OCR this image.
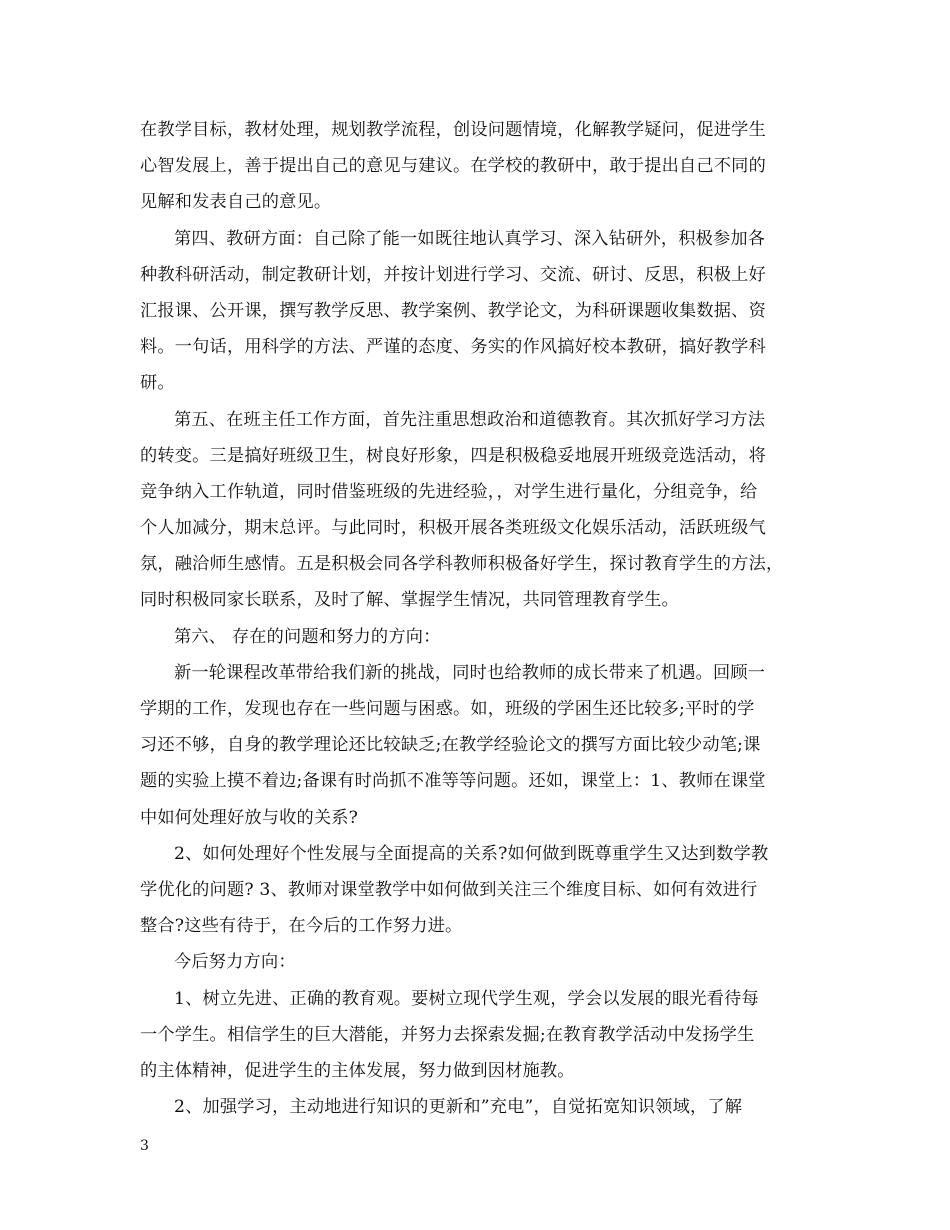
在教学目标，教材处理，规划教学流程，创设问题情境，化解教学疑问，促进学生
心智发展上，善于提出自己的意见与建议。在学校的教研中，敢于提出自己不同的
见解和发表自己的意见。
第四、教研方面：自己除了能一如既往地认真学习、深入钻研外，积极参加各
种教科研活动，制定教研计划，并按计划进行学习、交流、研讨、反思，积极上好
汇报课、公开课，撰写教学反思、教学案例、教学论文，为科研课题收集数据、资
料。一句话，用科学的方法、严谨的态度、务实的作风搞好校本教研，搞好教学科
研。
第五、在班主任工作方面，首先注重思想政治和道德教育。其次抓好学习方法
的转变。三是搞好班级卫生，树良好形象，四是积极稳妥地展开班级竞选活动，将
竞争纳入工作轨道，同时借鉴班级的先进经验，，对学生进行量化，分组竞争，给
个人加减分，期末总评。与此同时，积极开展各类班级文化娱乐活动，活跃班级气
氛，融洽师生感情。五是积极会同各学科教师积极备好学生，探讨教育学生的方法，
同时积极同家长联系，及时了解、掌握学生情况，共同管理教育学生。
第六、 存在的问题和努力的方向：
新一轮课程改革带给我们新的挑战，同时也给教师的成长带来了机遇。回顾一
学期的工作，发现也存在一些问题与困惑。如，班级的学困生还比较多;平时的学
习还不够，自身的教学理论还比较缺乏;在教学经验论文的撰写方面比较少动笔;课
题的实验上摸不着边;备课有时尚抓不准等等问题。还如，课堂上：1、教师在课堂
中如何处理好放与收的关系?
2、如何处理好个性发展与全面提高的关系?如何做到既尊重学生又达到数学教
学优化的问题? 3、教师对课堂教学中如何做到关注三个维度目标、如何有效进行
整合?这些有待于，在今后的工作努力进。
今后努力方向：
1、树立先进、正确的教育观。要树立现代学生观，学会以发展的眼光看待每
一个学生。相信学生的巨大潜能，并努力去探索发掘;在教育教学活动中发扬学生
的主体精神，促进学生的主体发展，努力做到因材施教。
2、加强学习，主动地进行知识的更新和”充电”，自觉拓宽知识领域，了解
3
